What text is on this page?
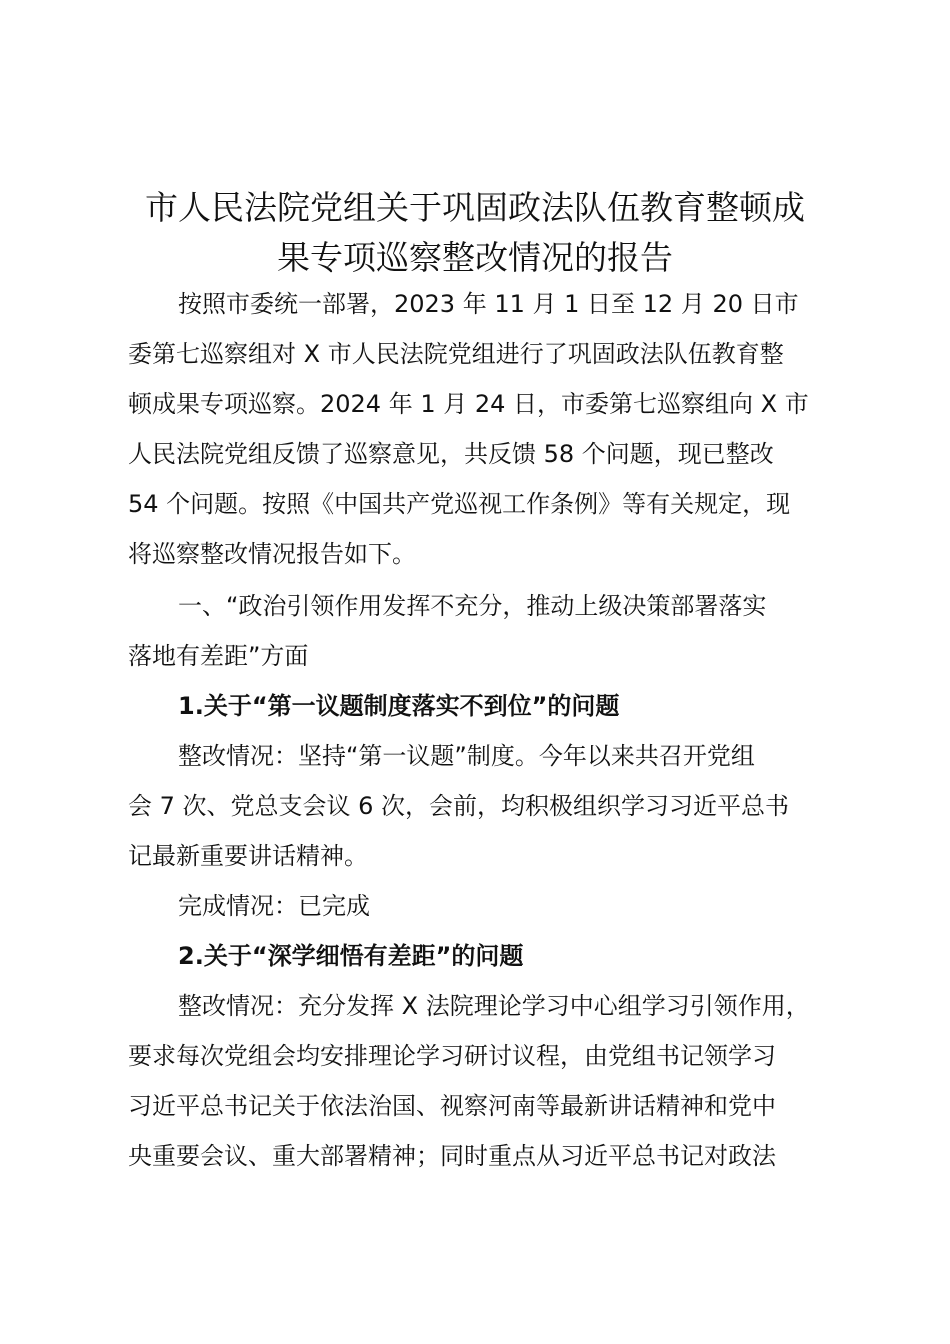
市人民法院党组关于巩固政法队伍教育整顿成
果专项巡察整改情况的报告
按照市委统一部署，2023 年 11 月 1 日至 12 月 20 日市
委第七巡察组对 X 市人民法院党组进行了巩固政法队伍教育整
顿成果专项巡察。2024 年 1 月 24 日，市委第七巡察组向 X 市
人民法院党组反馈了巡察意见，共反馈 58 个问题，现已整改
54 个问题。按照《中国共产党巡视工作条例》等有关规定，现
将巡察整改情况报告如下。
一、“政治引领作用发挥不充分，推动上级决策部署落实
落地有差距”方面
1.关于“第一议题制度落实不到位”的问题
整改情况：坚持“第一议题”制度。今年以来共召开党组
会 7 次、党总支会议 6 次，会前，均积极组织学习习近平总书
记最新重要讲话精神。
完成情况：已完成
2.关于“深学细悟有差距”的问题
整改情况：充分发挥 X 法院理论学习中心组学习引领作用，
要求每次党组会均安排理论学习研讨议程，由党组书记领学习
习近平总书记关于依法治国、视察河南等最新讲话精神和党中
央重要会议、重大部署精神；同时重点从习近平总书记对政法
